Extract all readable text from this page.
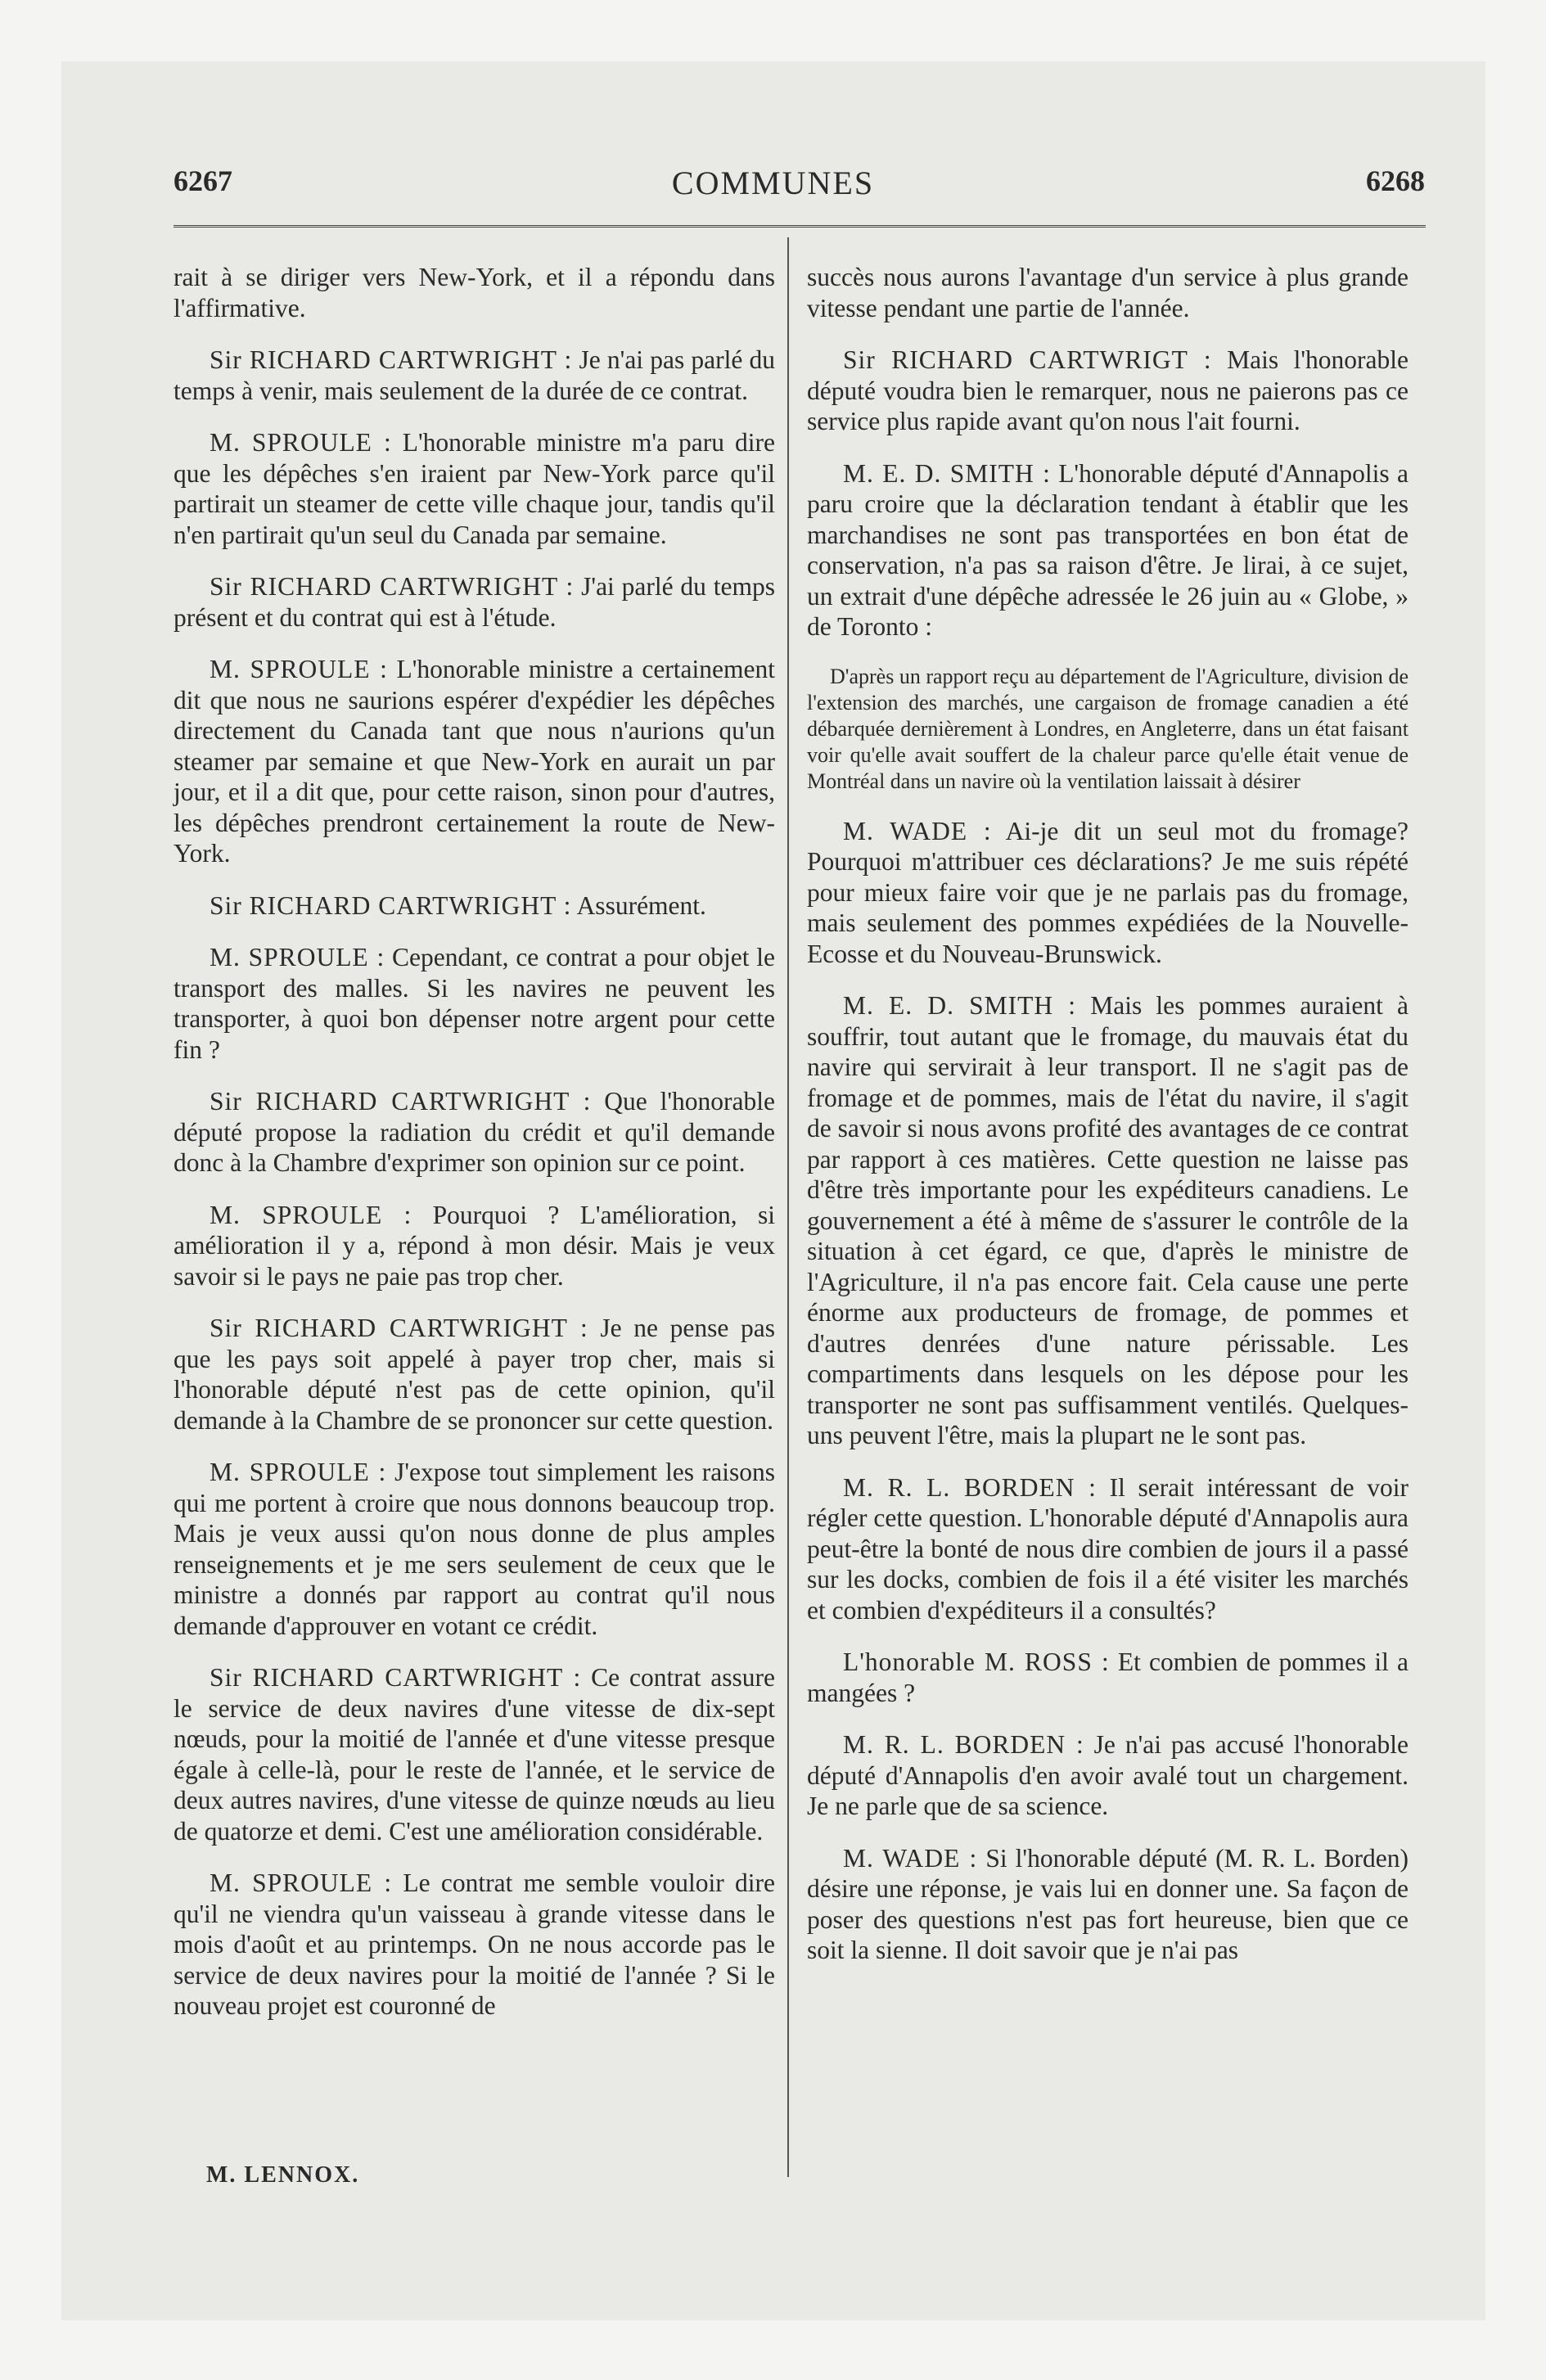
6267	COMMUNES	6268

rait à se diriger vers New-York, et il a répondu dans l'affirmative.

Sir RICHARD CARTWRIGHT : Je n'ai pas parlé du temps à venir, mais seulement de la durée de ce contrat.

M. SPROULE : L'honorable ministre m'a paru dire que les dépêches s'en iraient par New-York parce qu'il partirait un steamer de cette ville chaque jour, tandis qu'il n'en partirait qu'un seul du Canada par semaine.

Sir RICHARD CARTWRIGHT : J'ai parlé du temps présent et du contrat qui est à l'étude.

M. SPROULE : L'honorable ministre a certainement dit que nous ne saurions espérer d'expédier les dépêches directement du Canada tant que nous n'aurions qu'un steamer par semaine et que New-York en aurait un par jour, et il a dit que, pour cette raison, sinon pour d'autres, les dépêches prendront certainement la route de New-York.

Sir RICHARD CARTWRIGHT : Assurément.

M. SPROULE : Cependant, ce contrat a pour objet le transport des malles. Si les navires ne peuvent les transporter, à quoi bon dépenser notre argent pour cette fin ?

Sir RICHARD CARTWRIGHT : Que l'honorable député propose la radiation du crédit et qu'il demande donc à la Chambre d'exprimer son opinion sur ce point.

M. SPROULE : Pourquoi ? L'amélioration, si amélioration il y a, répond à mon désir. Mais je veux savoir si le pays ne paie pas trop cher.

Sir RICHARD CARTWRIGHT : Je ne pense pas que les pays soit appelé à payer trop cher, mais si l'honorable député n'est pas de cette opinion, qu'il demande à la Chambre de se prononcer sur cette question.

M. SPROULE : J'expose tout simplement les raisons qui me portent à croire que nous donnons beaucoup trop. Mais je veux aussi qu'on nous donne de plus amples renseignements et je me sers seulement de ceux que le ministre a donnés par rapport au contrat qu'il nous demande d'approuver en votant ce crédit.

Sir RICHARD CARTWRIGHT : Ce contrat assure le service de deux navires d'une vitesse de dix-sept nœuds, pour la moitié de l'année et d'une vitesse presque égale à celle-là, pour le reste de l'année, et le service de deux autres navires, d'une vitesse de quinze nœuds au lieu de quatorze et demi. C'est une amélioration considérable.

M. SPROULE : Le contrat me semble vouloir dire qu'il ne viendra qu'un vaisseau à grande vitesse dans le mois d'août et au printemps. On ne nous accorde pas le service de deux navires pour la moitié de l'année ? Si le nouveau projet est couronné de

succès nous aurons l'avantage d'un service à plus grande vitesse pendant une partie de l'année.

Sir RICHARD CARTWRIGT : Mais l'honorable député voudra bien le remarquer, nous ne paierons pas ce service plus rapide avant qu'on nous l'ait fourni.

M. E. D. SMITH : L'honorable député d'Annapolis a paru croire que la déclaration tendant à établir que les marchandises ne sont pas transportées en bon état de conservation, n'a pas sa raison d'être. Je lirai, à ce sujet, un extrait d'une dépêche adressée le 26 juin au « Globe, » de Toronto :

D'après un rapport reçu au département de l'Agriculture, division de l'extension des marchés, une cargaison de fromage canadien a été débarquée dernièrement à Londres, en Angleterre, dans un état faisant voir qu'elle avait souffert de la chaleur parce qu'elle était venue de Montréal dans un navire où la ventilation laissait à désirer

M. WADE : Ai-je dit un seul mot du fromage? Pourquoi m'attribuer ces déclarations? Je me suis répété pour mieux faire voir que je ne parlais pas du fromage, mais seulement des pommes expédiées de la Nouvelle-Ecosse et du Nouveau-Brunswick.

M. E. D. SMITH : Mais les pommes auraient à souffrir, tout autant que le fromage, du mauvais état du navire qui servirait à leur transport. Il ne s'agit pas de fromage et de pommes, mais de l'état du navire, il s'agit de savoir si nous avons profité des avantages de ce contrat par rapport à ces matières. Cette question ne laisse pas d'être très importante pour les expéditeurs canadiens. Le gouvernement a été à même de s'assurer le contrôle de la situation à cet égard, ce que, d'après le ministre de l'Agriculture, il n'a pas encore fait. Cela cause une perte énorme aux producteurs de fromage, de pommes et d'autres denrées d'une nature périssable. Les compartiments dans lesquels on les dépose pour les transporter ne sont pas suffisamment ventilés. Quelques-uns peuvent l'être, mais la plupart ne le sont pas.

M. R. L. BORDEN : Il serait intéressant de voir régler cette question. L'honorable député d'Annapolis aura peut-être la bonté de nous dire combien de jours il a passé sur les docks, combien de fois il a été visiter les marchés et combien d'expéditeurs il a consultés?

L'honorable M. ROSS : Et combien de pommes il a mangées ?

M. R. L. BORDEN : Je n'ai pas accusé l'honorable député d'Annapolis d'en avoir avalé tout un chargement. Je ne parle que de sa science.

M. WADE : Si l'honorable député (M. R. L. Borden) désire une réponse, je vais lui en donner une. Sa façon de poser des questions n'est pas fort heureuse, bien que ce soit la sienne. Il doit savoir que je n'ai pas

M. LENNOX.
